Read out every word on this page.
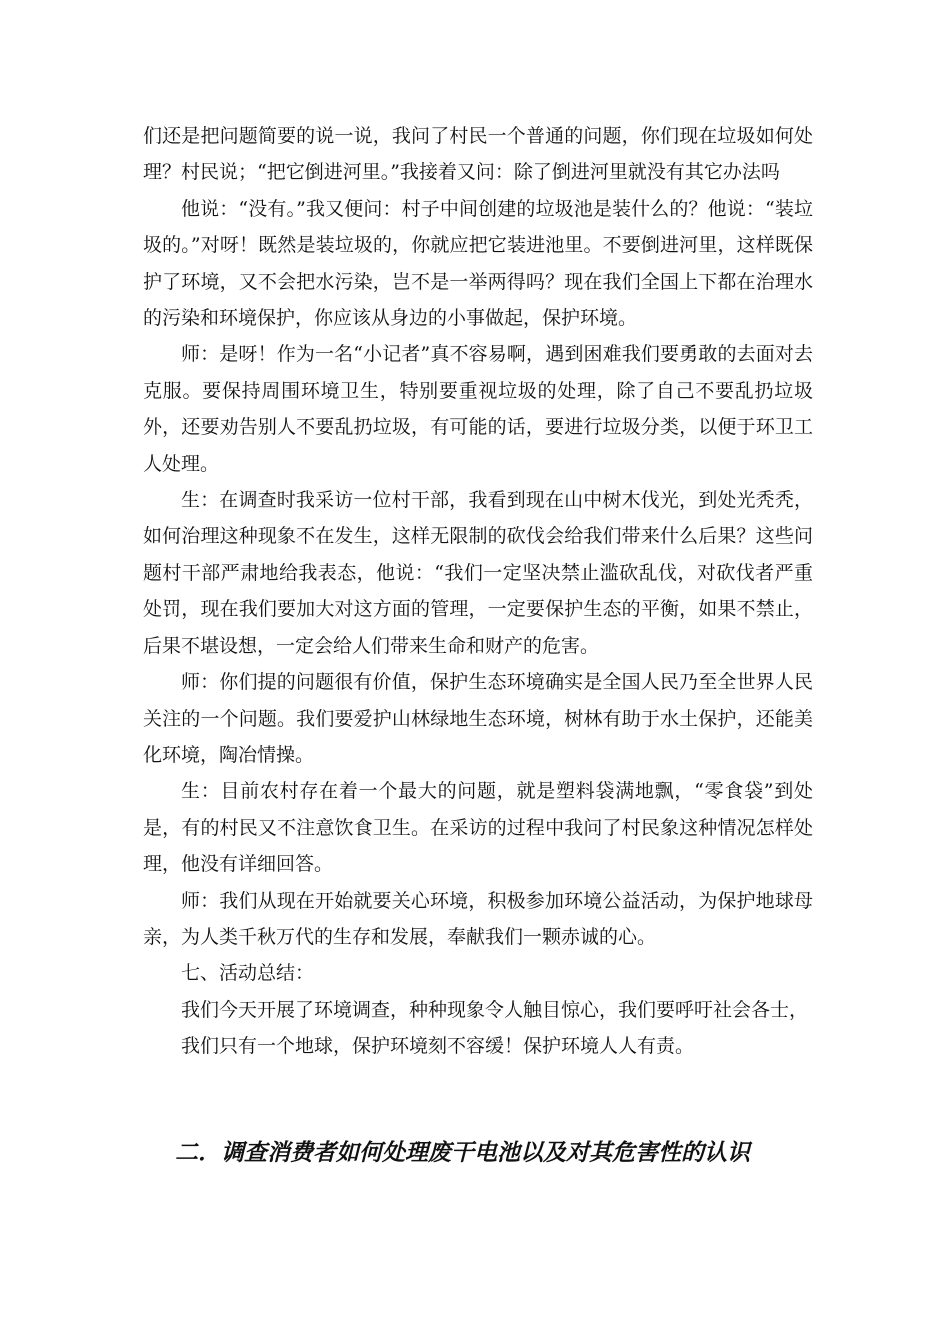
们还是把问题简要的说一说，我问了村民一个普通的问题，你们现在垃圾如何处理？村民说；“把它倒进河里。”我接着又问：除了倒进河里就没有其它办法吗

他说：“没有。”我又便问：村子中间创建的垃圾池是装什么的？他说：“装垃圾的。”对呀！既然是装垃圾的，你就应把它装进池里。不要倒进河里，这样既保护了环境，又不会把水污染，岂不是一举两得吗？现在我们全国上下都在治理水的污染和环境保护，你应该从身边的小事做起，保护环境。

师：是呀！作为一名“小记者”真不容易啊，遇到困难我们要勇敢的去面对去克服。要保持周围环境卫生，特别要重视垃圾的处理，除了自己不要乱扔垃圾外，还要劝告别人不要乱扔垃圾，有可能的话，要进行垃圾分类，以便于环卫工人处理。

生：在调查时我采访一位村干部，我看到现在山中树木伐光，到处光秃秃，如何治理这种现象不在发生，这样无限制的砍伐会给我们带来什么后果？这些问题村干部严肃地给我表态，他说：“我们一定坚决禁止滥砍乱伐，对砍伐者严重处罚，现在我们要加大对这方面的管理，一定要保护生态的平衡，如果不禁止，后果不堪设想，一定会给人们带来生命和财产的危害。

师：你们提的问题很有价值，保护生态环境确实是全国人民乃至全世界人民关注的一个问题。我们要爱护山林绿地生态环境，树林有助于水土保护，还能美化环境，陶冶情操。

生：目前农村存在着一个最大的问题，就是塑料袋满地飘，“零食袋”到处是，有的村民又不注意饮食卫生。在采访的过程中我问了村民象这种情况怎样处理，他没有详细回答。

师：我们从现在开始就要关心环境，积极参加环境公益活动，为保护地球母亲，为人类千秋万代的生存和发展，奉献我们一颗赤诚的心。

七、活动总结：

我们今天开展了环境调查，种种现象令人触目惊心，我们要呼吁社会各士，

我们只有一个地球，保护环境刻不容缓！保护环境人人有责。

二．调查消费者如何处理废干电池以及对其危害性的认识
